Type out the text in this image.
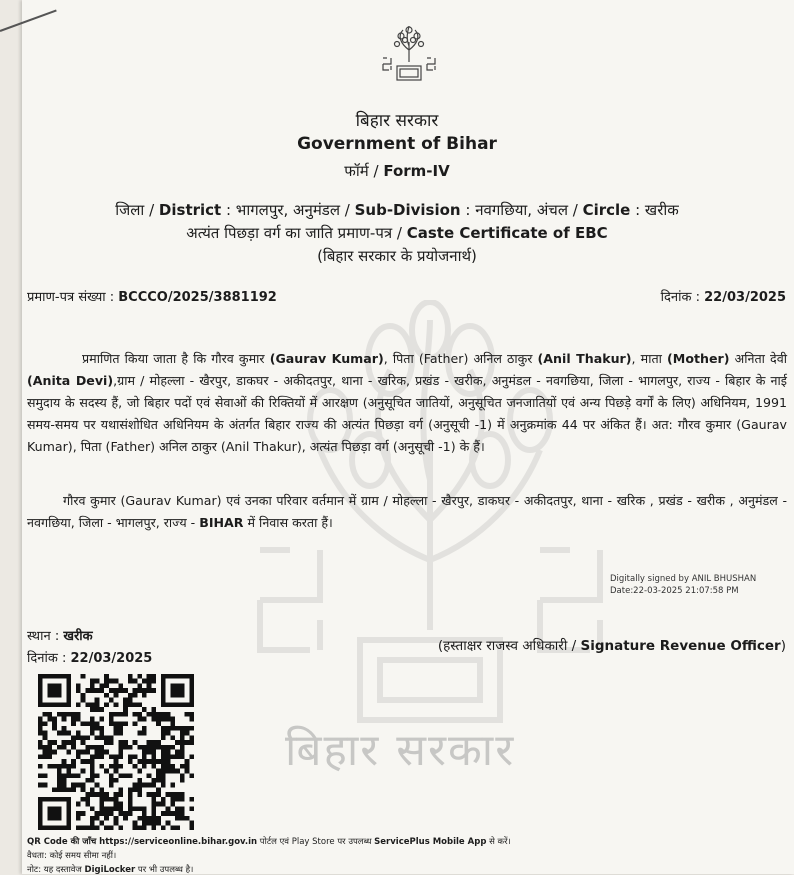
बिहार सरकार
बिहार सरकार
Government of Bihar
फॉर्म / Form-IV
जिला / District : भागलपुर, अनुमंडल / Sub-Division : नवगछिया, अंचल / Circle : खरीक
अत्यंत पिछड़ा वर्ग का जाति प्रमाण-पत्र / Caste Certificate of EBC
(बिहार सरकार के प्रयोजनार्थ)
प्रमाण-पत्र संख्या : BCCCO/2025/3881192	दिनांक : 22/03/2025

प्रमाणित किया जाता है कि गौरव कुमार (Gaurav Kumar), पिता (Father) अनिल ठाकुर (Anil Thakur), माता (Mother) अनिता देवी (Anita Devi),ग्राम / मोहल्ला - खैरपुर, डाकघर - अकीदतपुर, थाना - खरिक, प्रखंड - खरीक, अनुमंडल - नवगछिया, जिला - भागलपुर, राज्य - बिहार के नाई समुदाय के सदस्य हैं, जो बिहार पदों एवं सेवाओं की रिक्तियों में आरक्षण (अनुसूचित जातियों, अनुसूचित जनजातियों एवं अन्य पिछड़े वर्गों के लिए) अधिनियम, 1991 समय-समय पर यथासंशोधित अधिनियम के अंतर्गत बिहार राज्य की अत्यंत पिछड़ा वर्ग (अनुसूची -1) में अनुक्रमांक 44 पर अंकित हैं। अत: गौरव कुमार (Gaurav Kumar), पिता (Father) अनिल ठाकुर (Anil Thakur), अत्यंत पिछड़ा वर्ग (अनुसूची -1) के हैं।

गौरव कुमार (Gaurav Kumar) एवं उनका परिवार वर्तमान में ग्राम / मोहल्ला - खैरपुर, डाकघर - अकीदतपुर, थाना - खरिक , प्रखंड - खरीक , अनुमंडल - नवगछिया, जिला - भागलपुर, राज्य - BIHAR में निवास करता हैं।

Digitally signed by ANIL BHUSHAN
Date:22-03-2025 21:07:58 PM
स्थान : खरीक
दिनांक : 22/03/2025
(हस्ताक्षर राजस्व अधिकारी / Signature Revenue Officer)
QR Code की जाँच https://serviceonline.bihar.gov.in पोर्टल एवं Play Store पर उपलब्ध ServicePlus Mobile App से करें।
वैधता: कोई समय सीमा नहीं।
नोट: यह दस्तावेज DigiLocker पर भी उपलब्ध है।
